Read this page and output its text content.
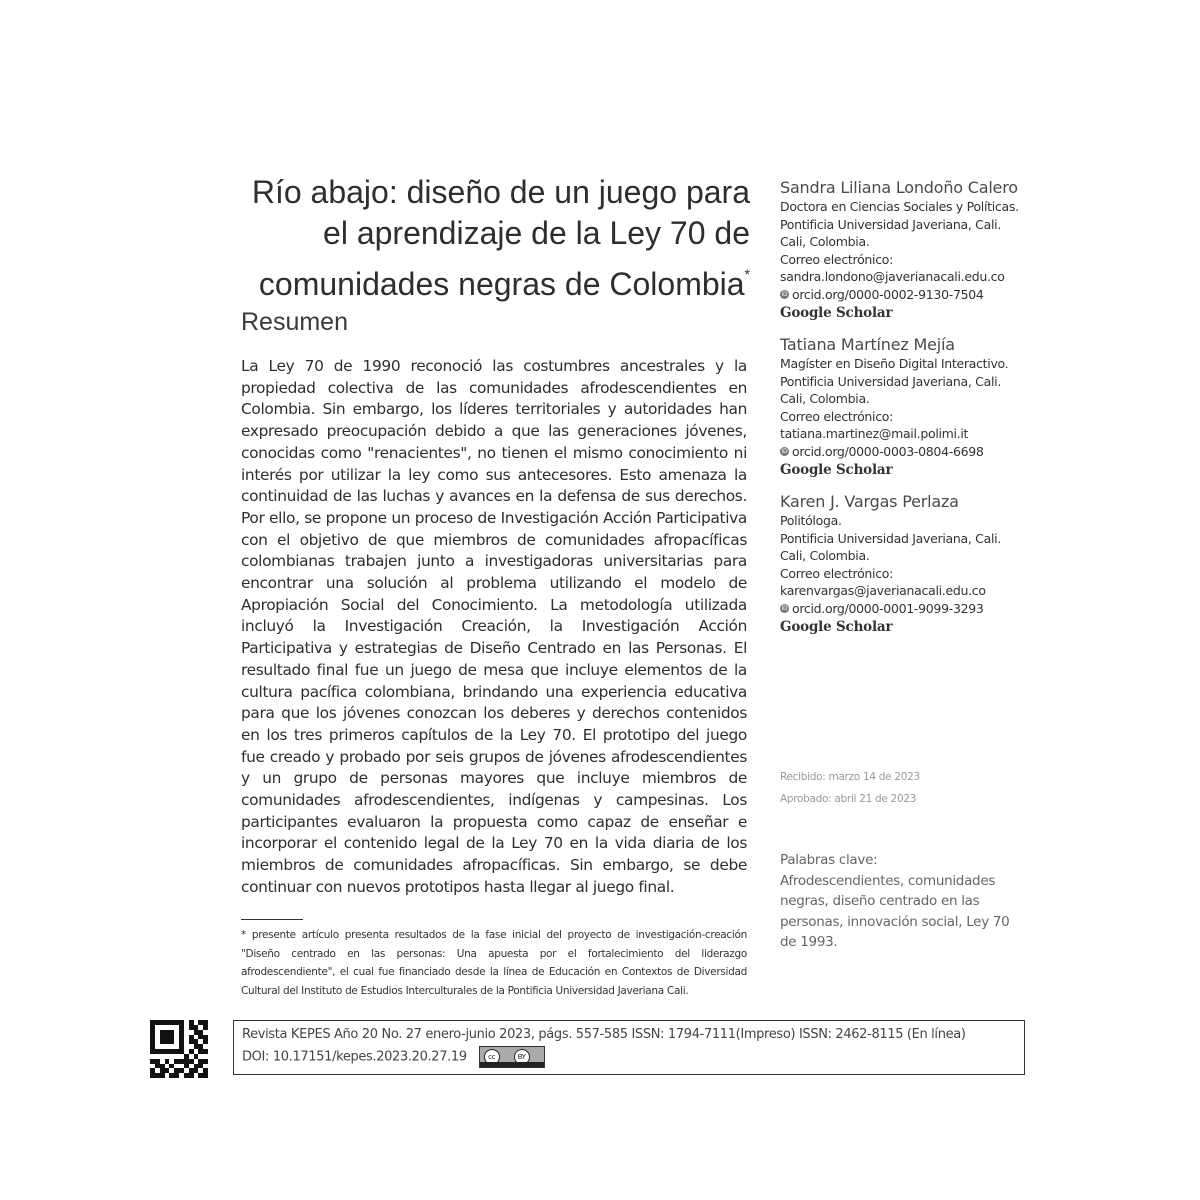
Río abajo: diseño de un juego para
el aprendizaje de la Ley 70 de
comunidades negras de Colombia*
Resumen

La Ley 70 de 1990 reconoció las costumbres ancestrales y la propiedad colectiva de las comunidades afrodescendientes en Colombia. Sin embargo, los líderes territoriales y autoridades han expresado preocupación debido a que las generaciones jóvenes, conocidas como "renacientes", no tienen el mismo conocimiento ni interés por utilizar la ley como sus antecesores. Esto amenaza la continuidad de las luchas y avances en la defensa de sus derechos. Por ello, se propone un proceso de Investigación Acción Participativa con el objetivo de que miembros de comunidades afropacíficas colombianas trabajen junto a investigadoras universitarias para encontrar una solución al problema utilizando el modelo de Apropiación Social del Conocimiento. La metodología utilizada incluyó la Investigación Creación, la Investigación Acción Participativa y estrategias de Diseño Centrado en las Personas. El resultado final fue un juego de mesa que incluye elementos de la cultura pacífica colombiana, brindando una experiencia educativa para que los jóvenes conozcan los deberes y derechos contenidos en los tres primeros capítulos de la Ley 70. El prototipo del juego fue creado y probado por seis grupos de jóvenes afrodescendientes y un grupo de personas mayores que incluye miembros de comunidades afrodescendientes, indígenas y campesinas. Los participantes evaluaron la propuesta como capaz de enseñar e incorporar el contenido legal de la Ley 70 en la vida diaria de los miembros de comunidades afropacíficas. Sin embargo, se debe continuar con nuevos prototipos hasta llegar al juego final.

* presente artículo presenta resultados de la fase inicial del proyecto de investigación-creación "Diseño centrado en las personas: Una apuesta por el fortalecimiento del liderazgo afrodescendiente", el cual fue financiado desde la línea de Educación en Contextos de Diversidad Cultural del Instituto de Estudios Interculturales de la Pontificia Universidad Javeriana Cali.

Sandra Liliana Londoño Calero
Doctora en Ciencias Sociales y Políticas.
Pontificia Universidad Javeriana, Cali. Cali, Colombia.
Correo electrónico:
sandra.londono@javerianacali.edu.co
iD orcid.org/0000-0002-9130-7504
Google Scholar
Tatiana Martínez Mejía
Magíster en Diseño Digital Interactivo.
Pontificia Universidad Javeriana, Cali. Cali, Colombia.
Correo electrónico:
tatiana.martinez@mail.polimi.it
iD orcid.org/0000-0003-0804-6698
Google Scholar
Karen J. Vargas Perlaza
Politóloga.
Pontificia Universidad Javeriana, Cali. Cali, Colombia.
Correo electrónico:
karenvargas@javerianacali.edu.co
iD orcid.org/0000-0001-9099-3293
Google Scholar
Recibido: marzo 14 de 2023
Aprobado: abril 21 de 2023
Palabras clave:
Afrodescendientes, comunidades negras, diseño centrado en las personas, innovación social, Ley 70 de 1993.
Revista KEPES Año 20 No. 27 enero-junio 2023, págs. 557-585 ISSN: 1794-7111(Impreso) ISSN: 2462-8115 (En línea)
DOI: 10.17151/kepes.2023.20.27.19	cc	BY
